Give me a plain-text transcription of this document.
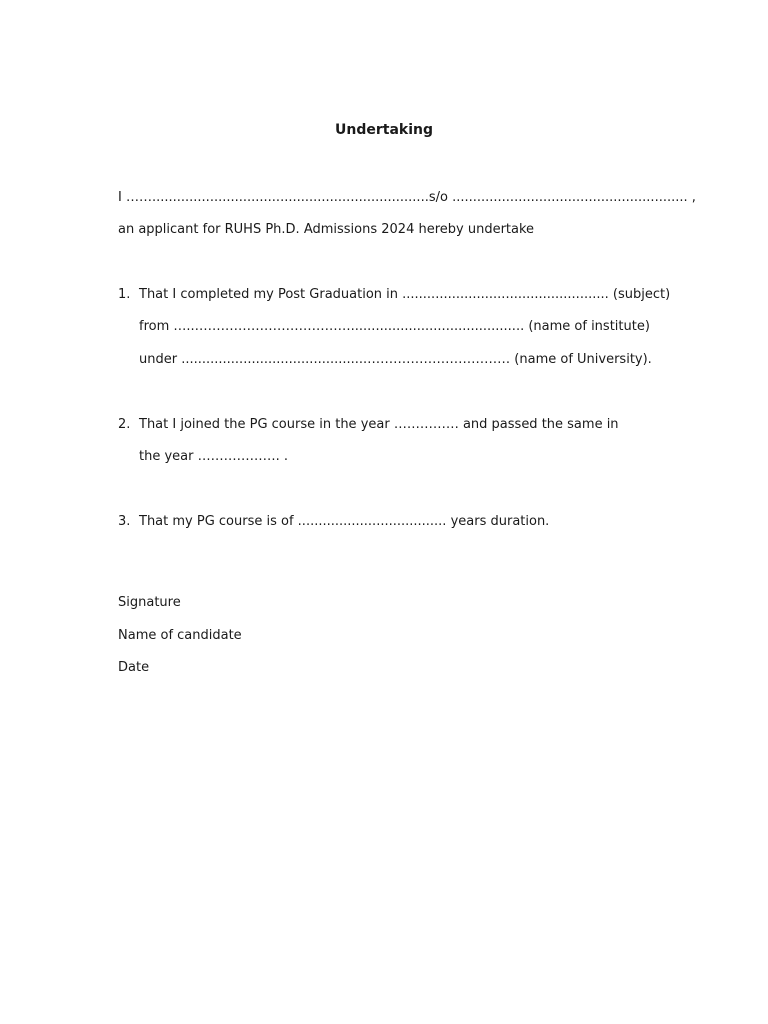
Undertaking
I ……................................................................... s/o ......................................................... ,
an applicant for RUHS Ph.D. Admissions 2024 hereby undertake
1. That I completed my Post Graduation in .................................................. (subject)
from …..……………………………….......................................... (name of institute)
under .............................................…………………………… (name of University).
2. That I joined the PG course in the year …………… and passed the same in
the year ………………. .
3. That my PG course is of .................................... years duration.
Signature
Name of candidate
Date
